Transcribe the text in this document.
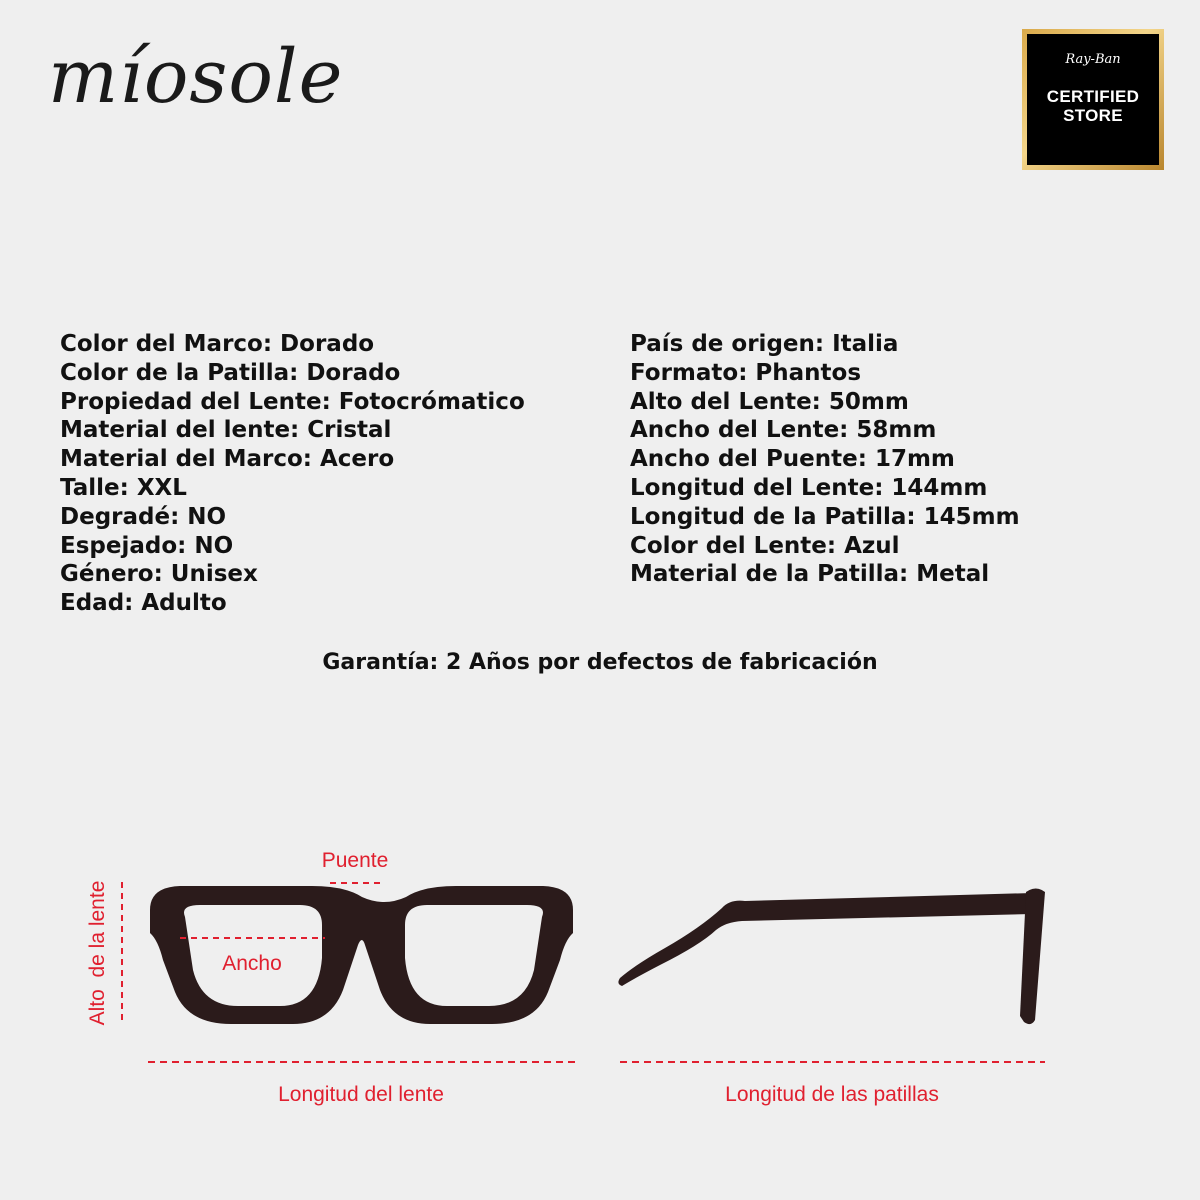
míosole	Ray-Ban
CERTIFIED
STORE
Color del Marco: Dorado
Color de la Patilla: Dorado
Propiedad del Lente: Fotocrómatico
Material del lente: Cristal
Material del Marco: Acero
Talle: XXL
Degradé: NO
Espejado: NO
Género: Unisex
Edad: Adulto
País de origen: Italia
Formato: Phantos
Alto del Lente: 50mm
Ancho del Lente: 58mm
Ancho del Puente: 17mm
Longitud del Lente: 144mm
Longitud de la Patilla: 145mm
Color del Lente: Azul
Material de la Patilla: Metal
Garantía: 2 Años por defectos de fabricación
Puente
Ancho
Alto  de la lente
Longitud del lente	Longitud de las patillas
